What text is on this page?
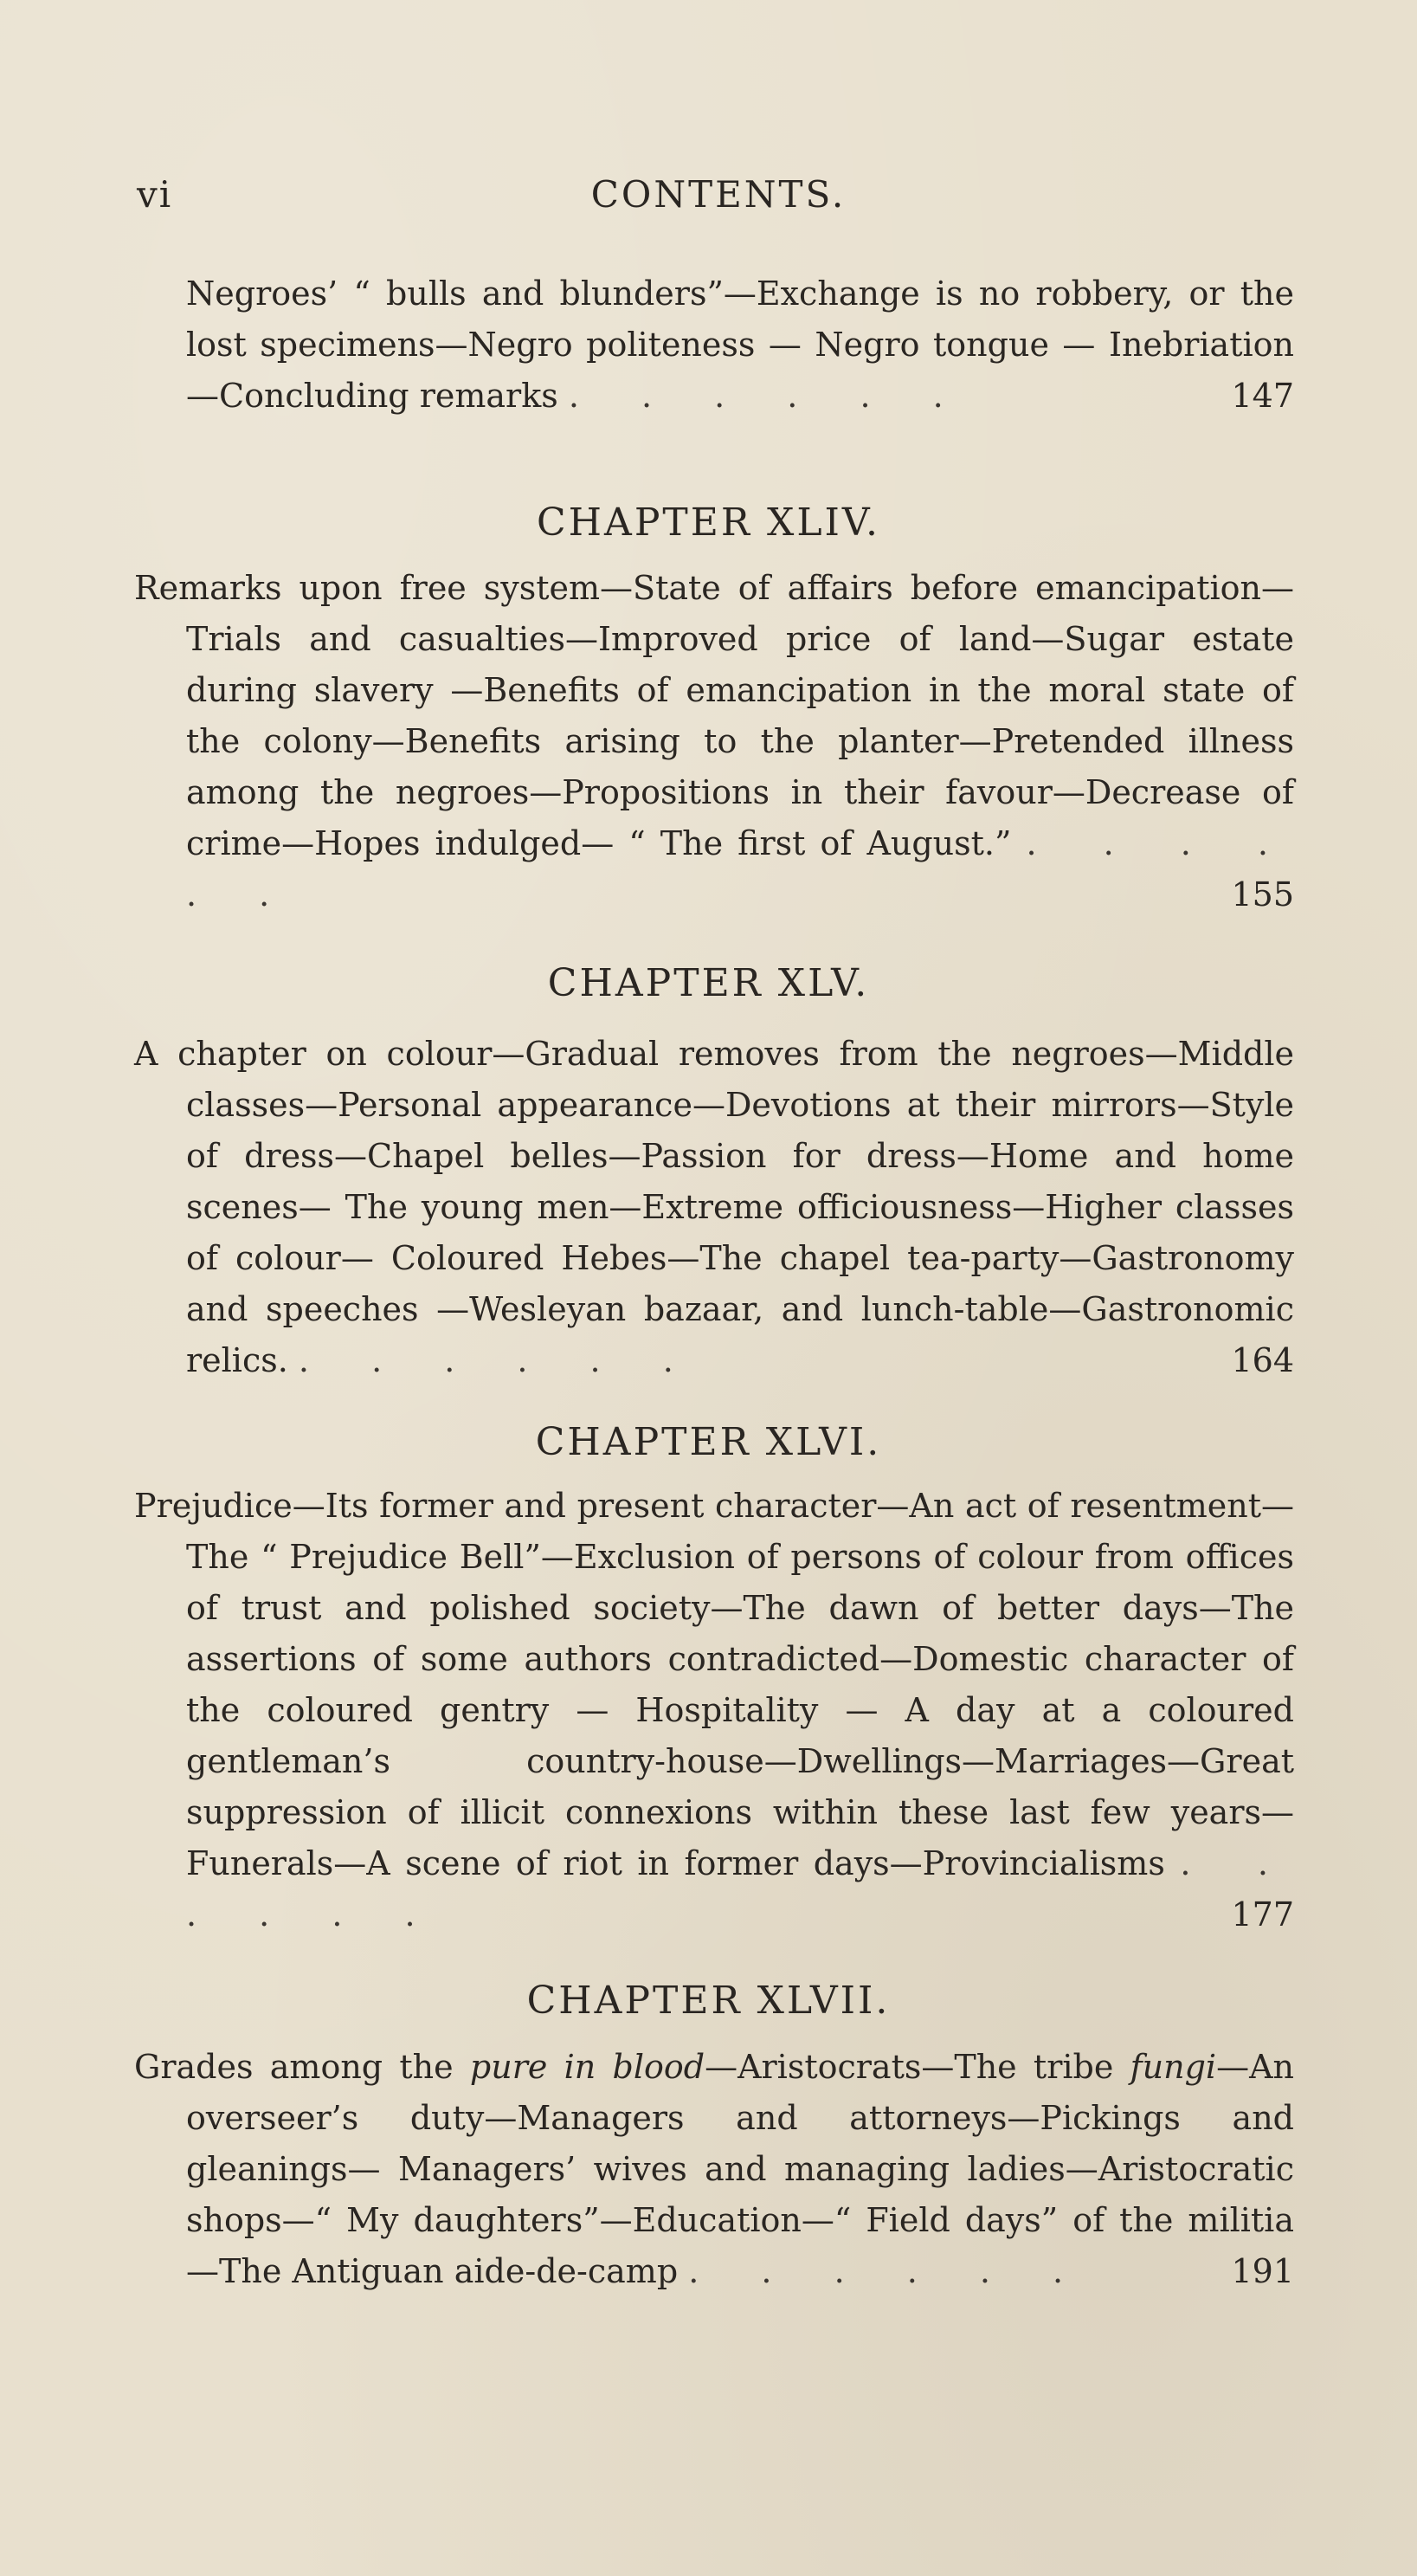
vi	CONTENTS.
Negroes’ “ bulls and blunders”—Exchange is no robbery, or the lost specimens—Negro politeness — Negro tongue — Inebriation—Concluding remarks . . . . . .	147
CHAPTER XLIV.
Remarks upon free system—State of affairs before emancipation—Trials and casualties—Improved price of land—Sugar estate during slavery —Benefits of emancipation in the moral state of the colony—Benefits arising to the planter—Pretended illness among the negroes—Propositions in their favour—Decrease of crime—Hopes indulged— “ The first of August.” . . . . . .	155
CHAPTER XLV.
A chapter on colour—Gradual removes from the negroes—Middle classes—Personal appearance—Devotions at their mirrors—Style of dress—Chapel belles—Passion for dress—Home and home scenes— The young men—Extreme officiousness—Higher classes of colour— Coloured Hebes—The chapel tea-party—Gastronomy and speeches —Wesleyan bazaar, and lunch-table—Gastronomic relics. . . . . . .	164
CHAPTER XLVI.
Prejudice—Its former and present character—An act of resentment— The “ Prejudice Bell”—Exclusion of persons of colour from offices of trust and polished society—The dawn of better days—The assertions of some authors contradicted—Domestic character of the coloured gentry — Hospitality — A day at a coloured gentleman’s country-house—Dwellings—Marriages—Great suppression of illicit connexions within these last few years—Funerals—A scene of riot in former days—Provincialisms . . . . . .	177
CHAPTER XLVII.
Grades among the pure in blood—Aristocrats—The tribe fungi—An overseer’s duty—Managers and attorneys—Pickings and gleanings— Managers’ wives and managing ladies—Aristocratic shops—“ My daughters”—Education—“ Field days” of the militia—The Antiguan aide-de-camp . . . . . .	191
